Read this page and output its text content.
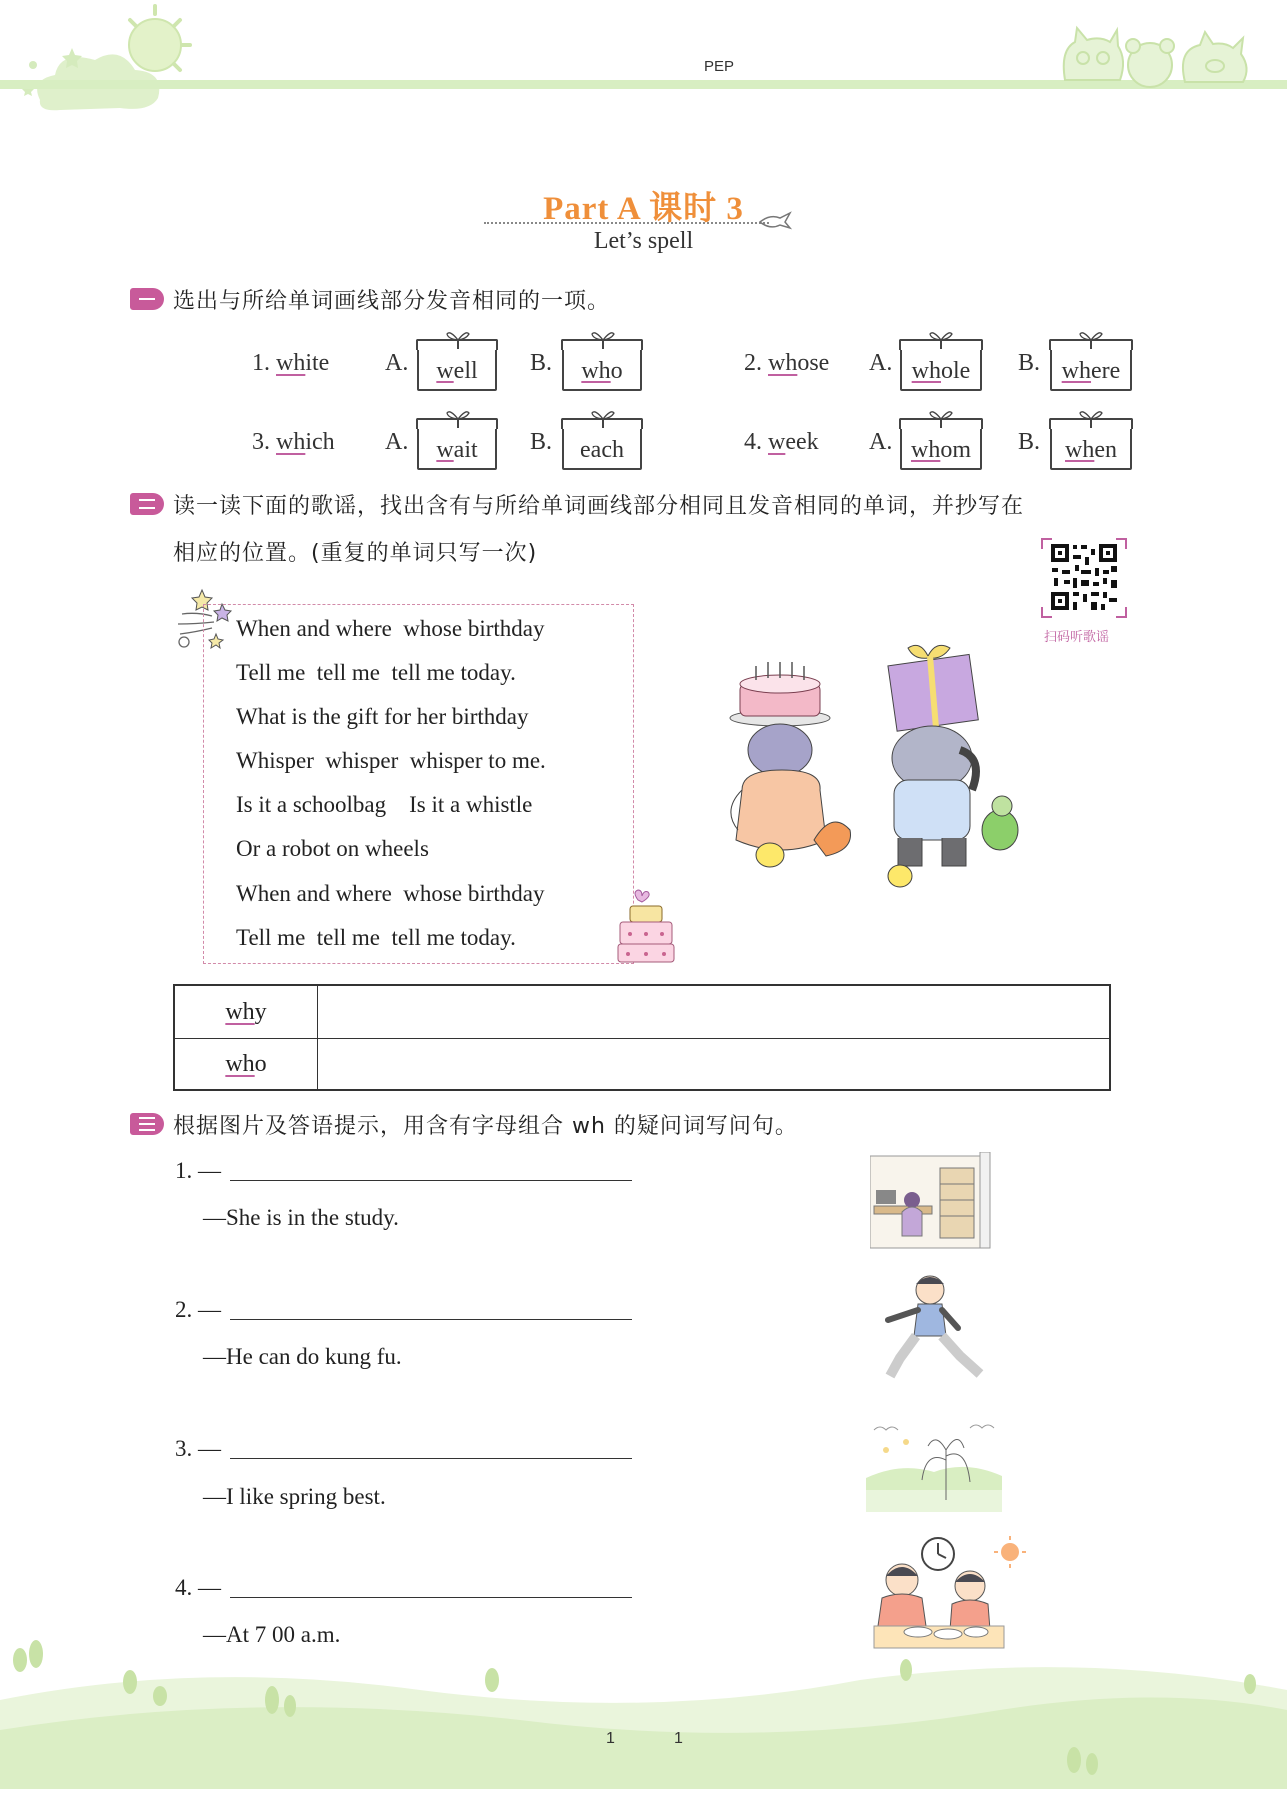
PEP
Part A 课时 3
Let’s spell
选出与所给单词画线部分发音相同的一项。
1. white A.	well	B.	who	2. whose A. whole	B. where
3. which A.	wait	B.	each	4. week A. whom	B.	when
读一读下面的歌谣，找出含有与所给单词画线部分相同且发音相同的单词，并抄写在
相应的位置。(重复的单词只写一次)
扫码听歌谣
When and where  whose birthday
Tell me  tell me  tell me today.
What is the gift for her birthday
Whisper  whisper  whisper to me.
Is it a schoolbag    Is it a whistle
Or a robot on wheels
When and where  whose birthday
Tell me  tell me  tell me today.
why
who
根据图片及答语提示，用含有字母组合 wh 的疑问词写问句。
1. —
—She is in the study.
2. —
—He can do kung fu.
3. —
—I like spring best.
4. —
—At 7 00 a.m.
1	1
